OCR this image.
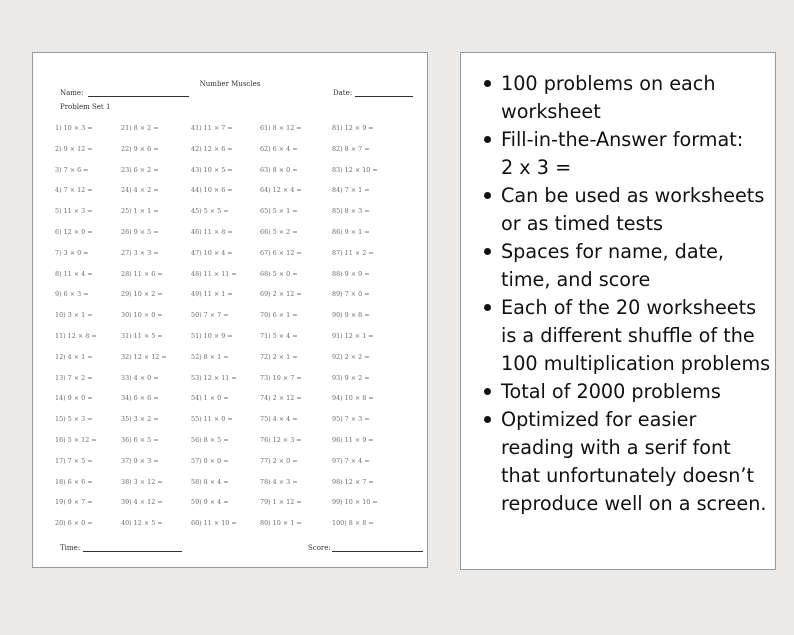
Number Muscles
Name:	Date:
Problem Set 1
1) 10 × 3 =
2) 9 × 12 =
3) 7 × 6 =
4) 7 × 12 =
5) 11 × 3 =
6) 12 × 0 =
7) 3 × 0 =
8) 11 × 4 =
9) 6 × 3 =
10) 3 × 1 =
11) 12 × 8 =
12) 4 × 1 =
13) 7 × 2 =
14) 9 × 0 =
15) 5 × 3 =
16) 5 × 12 =
17) 7 × 5 =
18) 6 × 6 =
19) 9 × 7 =
20) 6 × 0 =
21) 8 × 2 =
22) 9 × 6 =
23) 6 × 2 =
24) 4 × 2 =
25) 1 × 1 =
26) 9 × 5 =
27) 3 × 3 =
28) 11 × 6 =
29) 10 × 2 =
30) 10 × 0 =
31) 11 × 5 =
32) 12 × 12 =
33) 4 × 0 =
34) 6 × 6 =
35) 3 × 2 =
36) 6 × 5 =
37) 9 × 3 =
38) 3 × 12 =
39) 4 × 12 =
40) 12 × 5 =
41) 11 × 7 =
42) 12 × 6 =
43) 10 × 5 =
44) 10 × 6 =
45) 5 × 5 =
46) 11 × 8 =
47) 10 × 4 =
48) 11 × 11 =
49) 11 × 1 =
50) 7 × 7 =
51) 10 × 9 =
52) 8 × 1 =
53) 12 × 11 =
54) 1 × 0 =
55) 11 × 0 =
56) 8 × 5 =
57) 0 × 0 =
58) 8 × 4 =
59) 9 × 4 =
60) 11 × 10 =
61) 8 × 12 =
62) 6 × 4 =
63) 8 × 0 =
64) 12 × 4 =
65) 5 × 1 =
66) 5 × 2 =
67) 6 × 12 =
68) 5 × 0 =
69) 2 × 12 =
70) 6 × 1 =
71) 5 × 4 =
72) 2 × 1 =
73) 10 × 7 =
74) 2 × 12 =
75) 4 × 4 =
76) 12 × 3 =
77) 2 × 0 =
78) 4 × 3 =
79) 1 × 12 =
80) 10 × 1 =
81) 12 × 9 =
82) 8 × 7 =
83) 12 × 10 =
84) 7 × 1 =
85) 8 × 3 =
86) 9 × 1 =
87) 11 × 2 =
88) 9 × 9 =
89) 7 × 0 =
90) 9 × 8 =
91) 12 × 1 =
92) 2 × 2 =
93) 9 × 2 =
94) 10 × 8 =
95) 7 × 3 =
96) 11 × 9 =
97) 7 × 4 =
98) 12 × 7 =
99) 10 × 10 =
100) 8 × 8 =
Time:	Score:
100 problems on each worksheet
Fill-in-the-Answer format:
2 x 3 =
Can be used as worksheets or as timed tests
Spaces for name, date, time, and score
Each of the 20 worksheets is a different shuffle of the 100 multiplication problems
Total of 2000 problems
Optimized for easier reading with a serif font that unfortunately doesn’t reproduce well on a screen.
